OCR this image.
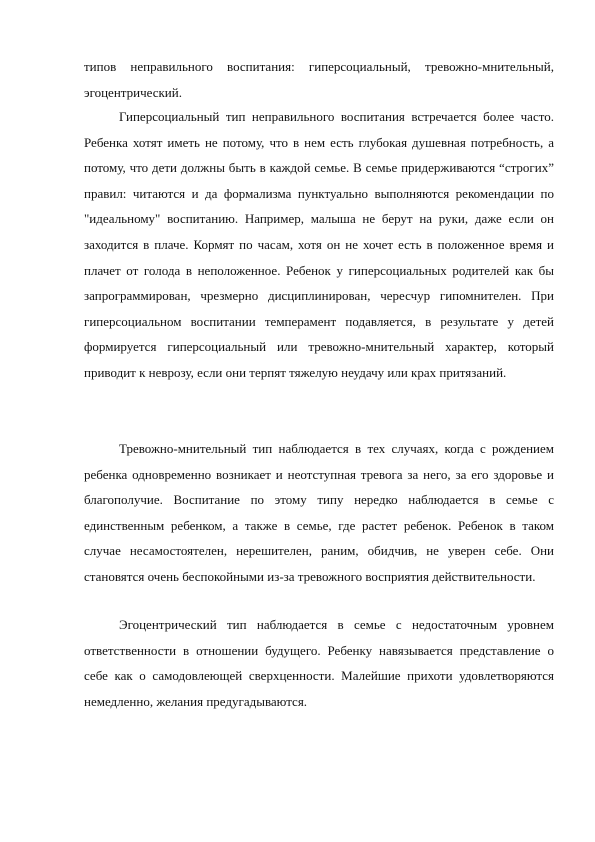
типов неправильного воспитания: гиперсоциальный, тревожно-мнительный, эгоцентрический.

Гиперсоциальный тип неправильного воспитания встречается более часто. Ребенка хотят иметь не потому, что в нем есть глубокая душевная потребность, а потому, что дети должны быть в каждой семье. В семье придерживаются “строгих” правил: читаются и да формализма пунктуально выполняются рекомендации по "идеальному" воспитанию. Например, малыша не берут на руки, даже если он заходится в плаче. Кормят по часам, хотя он не хочет есть в положенное время и плачет от голода в неположенное. Ребенок у гиперсоциальных родителей как бы запрограммирован, чрезмерно дисциплинирован, чересчур гипомнителен. При гиперсоциальном воспитании темперамент подавляется, в результате у детей формируется гиперсоциальный или тревожно-мнительный характер, который приводит к неврозу, если они терпят тяжелую неудачу или крах притязаний.

Тревожно-мнительный тип наблюдается в тех случаях, когда с рождением ребенка одновременно возникает и неотступная тревога за него, за его здоровье и благополучие. Воспитание по этому типу нередко наблюдается в семье с единственным ребенком, а также в семье, где растет ребенок. Ребенок в таком случае несамостоятелен, нерешителен, раним, обидчив, не уверен себе. Они становятся очень беспокойными из-за тревожного восприятия действительности.

Эгоцентрический тип наблюдается в семье с недостаточным уровнем ответственности в отношении будущего. Ребенку навязывается представление о себе как о самодовлеющей сверхценности. Малейшие прихоти удовлетворяются немедленно, желания предугадываются.
